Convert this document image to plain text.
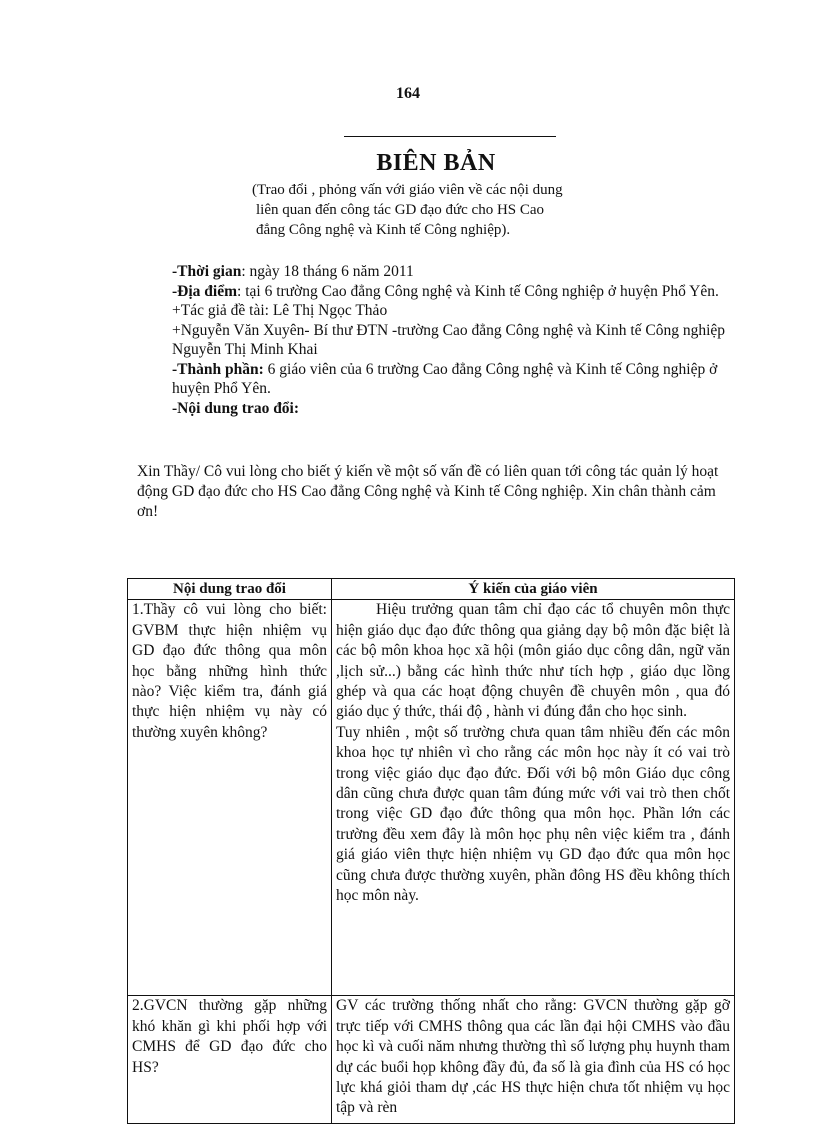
164
BIÊN BẢN
(Trao đổi , phỏng vấn với giáo viên về các nội dung
liên quan đến công tác GD đạo đức cho HS Cao
đẳng Công nghệ và Kinh tế Công nghiệp).

-Thời gian: ngày 18 tháng 6 năm 2011

-Địa điểm: tại 6 trường Cao đẳng Công nghệ và Kinh tế Công nghiệp ở huyện Phổ Yên.

+Tác giả đề tài: Lê Thị Ngọc Thảo

+Nguyễn Văn Xuyên- Bí thư ĐTN -trường Cao đẳng Công nghệ và Kinh tế Công nghiệp Nguyễn Thị Minh Khai

-Thành phần: 6 giáo viên của 6 trường Cao đẳng Công nghệ và Kinh tế Công nghiệp ở huyện Phổ Yên.

-Nội dung trao đổi:

Xin Thầy/ Cô vui lòng cho biết ý kiến về một số vấn đề có liên quan tới công tác quản lý hoạt động GD đạo đức cho HS Cao đẳng Công nghệ và Kinh tế Công nghiệp. Xin chân thành cảm ơn!
Nội dung trao đổi	Ý kiến của giáo viên
1.Thầy cô vui lòng cho biết: GVBM thực hiện nhiệm vụ GD đạo đức thông qua môn học bằng những hình thức nào? Việc kiểm tra, đánh giá thực hiện nhiệm vụ này có thường xuyên không?	Hiệu trưởng quan tâm chỉ đạo các tổ chuyên môn thực hiện giáo dục đạo đức thông qua giảng dạy bộ môn đặc biệt là các bộ môn khoa học xã hội (môn giáo dục công dân, ngữ văn ,lịch sử...) bằng các hình thức như tích hợp , giáo dục lồng ghép và qua các hoạt động chuyên đề chuyên môn , qua đó giáo dục ý thức, thái độ , hành vi đúng đắn cho học sinh.

Tuy nhiên , một số trường chưa quan tâm nhiều đến các môn khoa học tự nhiên vì cho rằng các môn học này ít có vai trò trong việc giáo dục đạo đức. Đối với bộ môn Giáo dục công dân cũng chưa được quan tâm đúng mức với vai trò then chốt trong việc GD đạo đức thông qua môn học. Phần lớn các trường đều xem đây là môn học phụ nên việc kiểm tra , đánh giá giáo viên thực hiện nhiệm vụ GD đạo đức qua môn học cũng chưa được thường xuyên, phần đông HS đều không thích học môn này.

2.GVCN thường gặp những khó khăn gì khi phối hợp với CMHS để GD đạo đức cho HS?	GV các trường thống nhất cho rằng: GVCN thường gặp gỡ trực tiếp với CMHS thông qua các lần đại hội CMHS vào đầu học kì và cuối năm nhưng thường thì số lượng phụ huynh tham dự các buổi họp không đầy đủ, đa số là gia đình của HS có học lực khá giỏi tham dự ,các HS thực hiện chưa tốt nhiệm vụ học tập và rèn
